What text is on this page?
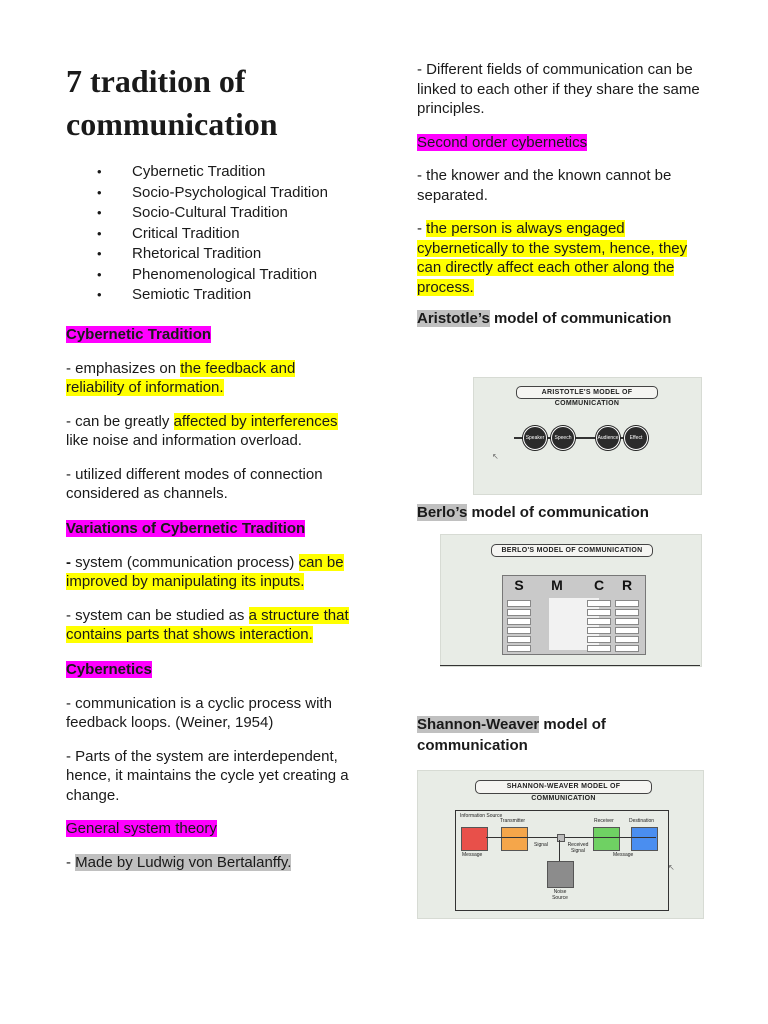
7 tradition of communication
• Cybernetic Tradition
• Socio-Psychological Tradition
• Socio-Cultural Tradition
• Critical Tradition
• Rhetorical Tradition
• Phenomenological Tradition
• Semiotic Tradition
Cybernetic Tradition

- emphasizes on the feedback and reliability of information.

- can be greatly affected by interferences like noise and information overload.

- utilized different modes of connection considered as channels.

Variations of Cybernetic Tradition

- system (communication process) can be improved by manipulating its inputs.

- system can be studied as a structure that contains parts that shows interaction.

Cybernetics

- communication is a cyclic process with feedback loops. (Weiner, 1954)

- Parts of the system are interdependent, hence, it maintains the cycle yet creating a change.

General system theory

- Made by Ludwig von Bertalanffy.

- Different fields of communication can be linked to each other if they share the same principles.

Second order cybernetics

- the knower and the known cannot be separated.

- the person is always engaged cybernetically to the system, hence, they can directly affect each other along the process.

Aristotle’s model of communication
ARISTOTLE'S MODEL OF COMMUNICATION
Speaker	Speech	Audience	Effect
↖
Berlo’s model of communication
BERLO'S MODEL OF COMMUNICATION
S	M	C	R
Shannon-Weaver model of communication
SHANNON-WEAVER MODEL OF COMMUNICATION
Information Source
Transmitter	Receiver	Destination
Message
Signal	Received Signal
Message
Noise Source
↖
